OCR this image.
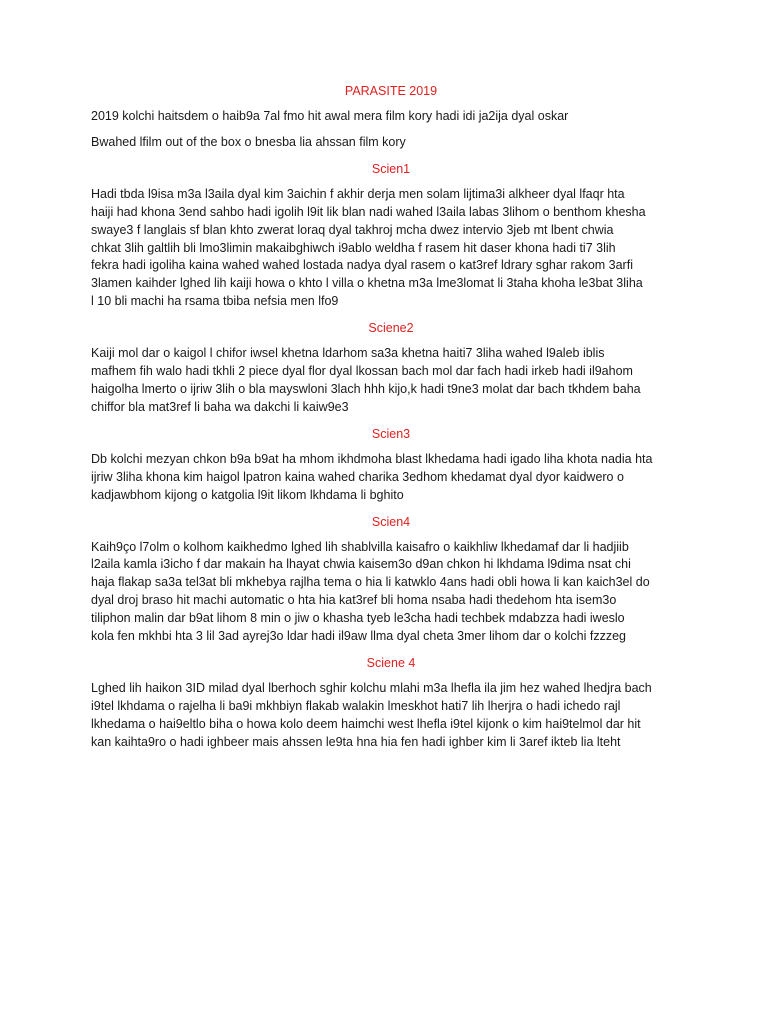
PARASITE 2019

2019 kolchi haitsdem o haib9a 7al fmo hit awal mera film kory hadi idi ja2ija dyal oskar

Bwahed lfilm out of the box o bnesba lia ahssan film kory

Scien1

Hadi tbda l9isa m3a l3aila dyal kim 3aichin f akhir derja men solam lijtima3i alkheer dyal lfaqr hta
haiji had khona 3end sahbo hadi igolih l9it lik blan nadi wahed l3aila labas 3lihom o benthom khesha
swaye3 f langlais sf blan khto zwerat loraq dyal takhroj mcha dwez intervio 3jeb mt lbent chwia
chkat 3lih galtlih bli lmo3limin makaibghiwch i9ablo weldha f rasem hit daser khona hadi ti7 3lih
fekra hadi igoliha kaina wahed wahed lostada nadya dyal rasem o kat3ref ldrary sghar rakom 3arfi
3lamen kaihder lghed lih kaiji howa o khto l villa o khetna m3a lme3lomat li 3taha khoha le3bat 3liha
l 10 bli machi ha rsama tbiba nefsia men lfo9

Sciene2

Kaiji mol dar o kaigol l chifor iwsel khetna ldarhom sa3a khetna haiti7 3liha wahed l9aleb iblis
mafhem fih walo hadi tkhli 2 piece dyal flor dyal lkossan bach mol dar fach hadi irkeb hadi il9ahom
haigolha lmerto o ijriw 3lih o bla mayswloni 3lach hhh kijo,k hadi t9ne3 molat dar bach tkhdem baha
chiffor bla mat3ref li baha wa dakchi li kaiw9e3

Scien3

Db kolchi mezyan chkon b9a b9at ha mhom ikhdmoha blast lkhedama hadi igado liha khota nadia hta
ijriw 3liha khona kim haigol lpatron kaina wahed charika 3edhom khedamat dyal dyor kaidwero o
kadjawbhom kijong o katgolia l9it likom lkhdama li bghito

Scien4

Kaih9ço l7olm o kolhom kaikhedmo lghed lih shablvilla kaisafro o kaikhliw lkhedamaf dar li hadjiib
l2aila kamla i3icho f dar makain ha lhayat chwia kaisem3o d9an chkon hi lkhdama l9dima nsat chi
haja flakap sa3a tel3at bli mkhebya rajlha tema o hia li katwklo 4ans hadi obli howa li kan kaich3el do
dyal droj braso hit machi automatic o hta hia kat3ref bli homa nsaba hadi thedehom hta isem3o
tiliphon malin dar b9at lihom 8 min o jiw o khasha tyeb le3cha hadi techbek mdabzza hadi iweslo
kola fen mkhbi hta 3 lil 3ad ayrej3o ldar hadi il9aw llma dyal cheta 3mer lihom dar o kolchi fzzzeg

Sciene 4

Lghed lih haikon 3ID milad dyal lberhoch sghir kolchu mlahi m3a lhefla ila jim hez wahed lhedjra bach
i9tel lkhdama o rajelha li ba9i mkhbiyn flakab walakin lmeskhot hati7 lih lherjra o hadi ichedo rajl
lkhedama o hai9eltlo biha o howa kolo deem haimchi west lhefla i9tel kijonk o kim hai9telmol dar hit
kan kaihta9ro o hadi ighbeer mais ahssen le9ta hna hia fen hadi ighber kim li 3aref ikteb lia lteht
